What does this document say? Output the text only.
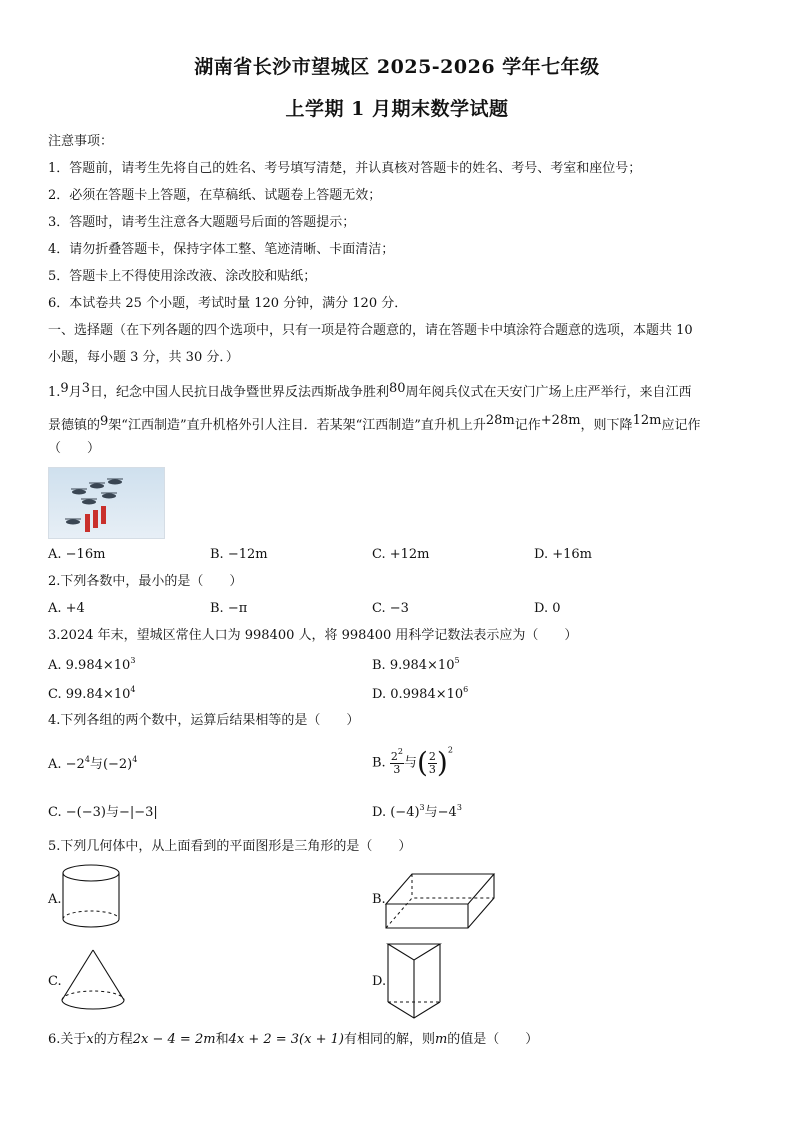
湖南省长沙市望城区 2025-2026 学年七年级
上学期 1 月期末数学试题
注意事项：
1．答题前，请考生先将自己的姓名、考号填写清楚，并认真核对答题卡的姓名、考号、考室和座位号；
2．必须在答题卡上答题，在草稿纸、试题卷上答题无效；
3．答题时，请考生注意各大题题号后面的答题提示；
4．请勿折叠答题卡，保持字体工整、笔迹清晰、卡面清洁；
5．答题卡上不得使用涂改液、涂改胶和贴纸；
6．本试卷共 25 个小题，考试时量 120 分钟，满分 120 分．
一、选择题（在下列各题的四个选项中，只有一项是符合题意的，请在答题卡中填涂符合题意的选项，本题共 10
小题，每小题 3 分，共 30 分．）
1.9月3日，纪念中国人民抗日战争暨世界反法西斯战争胜利80周年阅兵仪式在天安门广场上庄严举行，来自江西
景德镇的9架“江西制造”直升机格外引人注目．若某架“江西制造”直升机上升28m记作+28m，则下降12m应记作
（　　）
A. −16m	B. −12m	C. +12m	D. +16m
2.下列各数中，最小的是（　　）
A. +4	B. −π	C. −3	D. 0
3.2024 年末，望城区常住人口为 998400 人，将 998400 用科学记数法表示应为（　　）
A. $9.984\times 10^3$	B. $9.984\times 10^5$
C. $99.84\times 10^4$	D. $0.9984\times 10^6$
4.下列各组的两个数中，运算后结果相等的是（　　）
A. $-2^4$与$(-2)^4$	B. $\frac{2^2}{3}$ 与( $\frac{2}{3} )^2$
C. −(−3)与−|−3|	D. $(-4)^3$与$-4^3$
5.下列几何体中，从上面看到的平面图形是三角形的是（　　）
A.	B.
C.	D.
6.关于x的方程2x − 4 = 2m和4x + 2 = 3(x + 1)有相同的解，则m的值是（　　）
